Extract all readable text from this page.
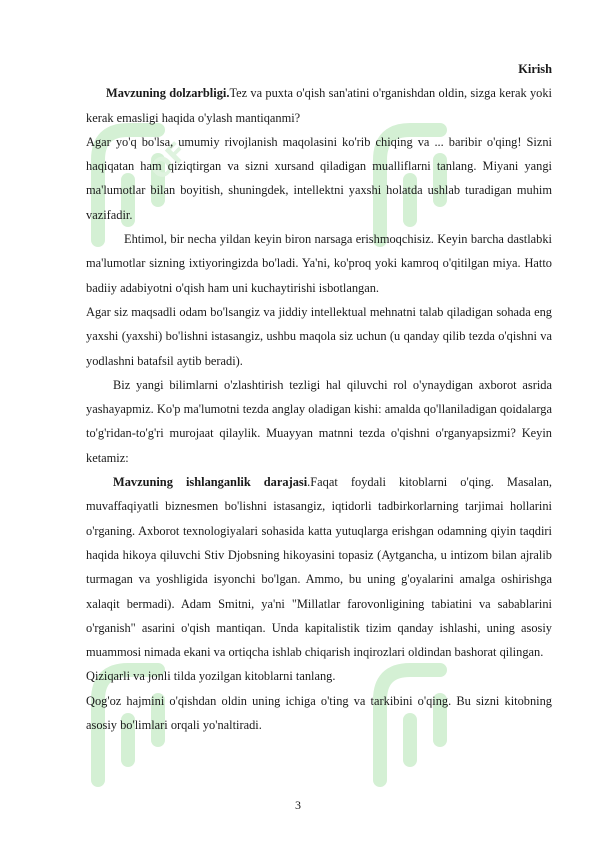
OF

Kirish

Mavzuning dolzarbligi.Tez va puxta o'qish san'atini o'rganishdan oldin, sizga kerak yoki kerak emasligi haqida o'ylash mantiqanmi?

Agar yo'q bo'lsa, umumiy rivojlanish maqolasini ko'rib chiqing va ... baribir o'qing! Sizni haqiqatan ham qiziqtirgan va sizni xursand qiladigan mualliflarni tanlang. Miyani yangi ma'lumotlar bilan boyitish, shuningdek, intellektni yaxshi holatda ushlab turadigan muhim vazifadir.

Ehtimol, bir necha yildan keyin biron narsaga erishmoqchisiz. Keyin barcha dastlabki ma'lumotlar sizning ixtiyoringizda bo'ladi. Ya'ni, ko'proq yoki kamroq o'qitilgan miya. Hatto badiiy adabiyotni o'qish ham uni kuchaytirishi isbotlangan.

Agar siz maqsadli odam bo'lsangiz va jiddiy intellektual mehnatni talab qiladigan sohada eng yaxshi (yaxshi) bo'lishni istasangiz, ushbu maqola siz uchun (u qanday qilib tezda o'qishni va yodlashni batafsil aytib beradi).

Biz yangi bilimlarni o'zlashtirish tezligi hal qiluvchi rol o'ynaydigan axborot asrida yashayapmiz. Ko'p ma'lumotni tezda anglay oladigan kishi: amalda qo'llaniladigan qoidalarga to'g'ridan-to'g'ri murojaat qilaylik. Muayyan matnni tezda o'qishni o'rganyapsizmi? Keyin ketamiz:

Mavzuning ishlanganlik darajasi.Faqat foydali kitoblarni o'qing. Masalan, muvaffaqiyatli biznesmen bo'lishni istasangiz, iqtidorli tadbirkorlarning tarjimai hollarini o'rganing. Axborot texnologiyalari sohasida katta yutuqlarga erishgan odamning qiyin taqdiri haqida hikoya qiluvchi Stiv Djobsning hikoyasini topasiz (Aytgancha, u intizom bilan ajralib turmagan va yoshligida isyonchi bo'lgan. Ammo, bu uning g'oyalarini amalga oshirishga xalaqit bermadi). Adam Smitni, ya'ni "Millatlar farovonligining tabiatini va sabablarini o'rganish" asarini o'qish mantiqan. Unda kapitalistik tizim qanday ishlashi, uning asosiy muammosi nimada ekani va ortiqcha ishlab chiqarish inqirozlari oldindan bashorat qilingan.

Qiziqarli va jonli tilda yozilgan kitoblarni tanlang.

Qog'oz hajmini o'qishdan oldin uning ichiga o'ting va tarkibini o'qing. Bu sizni kitobning asosiy bo'limlari orqali yo'naltiradi.

3
